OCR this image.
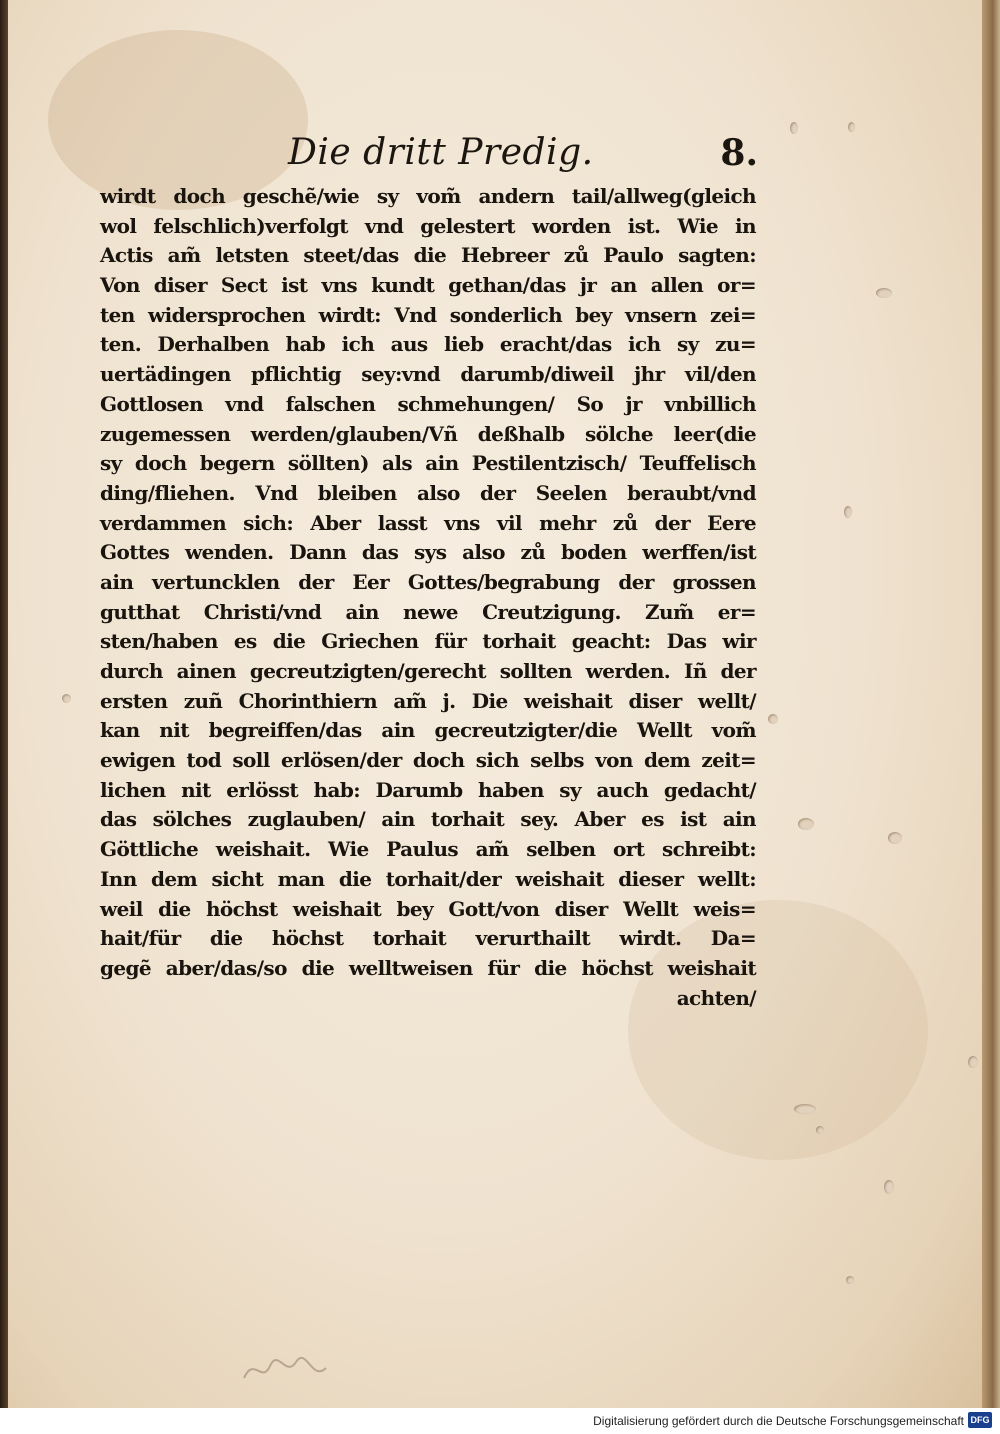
Die dritt Predig.	8.
wirdt doch geschẽ/wie sy vom̃ andern tail/allweg(gleich
wol felschlich)verfolgt vnd gelestert worden ist. Wie in
Actis am̃ letsten steet/das die Hebreer zů Paulo sagten:
Von diser Sect ist vns kundt gethan/das jr an allen or=
ten widersprochen wirdt: Vnd sonderlich bey vnsern zei=
ten. Derhalben hab ich aus lieb eracht/das ich sy zu=
uertädingen pflichtig sey:vnd darumb/diweil jhr vil/den
Gottlosen vnd falschen schmehungen/ So jr vnbillich
zugemessen werden/glauben/Vñ deßhalb sölche leer(die
sy doch begern söllten) als ain Pestilentzisch/ Teuffelisch
ding/fliehen. Vnd bleiben also der Seelen beraubt/vnd
verdammen sich: Aber lasst vns vil mehr zů der Eere
Gottes wenden. Dann das sys also zů boden werffen/ist
ain vertuncklen der Eer Gottes/begrabung der grossen
gutthat Christi/vnd ain newe Creutzigung. Zum̃ er=
sten/haben es die Griechen für torhait geacht: Das wir
durch ainen gecreutzigten/gerecht sollten werden. Iñ der
ersten zuñ Chorinthiern am̃ j. Die weishait diser wellt/
kan nit begreiffen/das ain gecreutzigter/die Wellt vom̃
ewigen tod soll erlösen/der doch sich selbs von dem zeit=
lichen nit erlösst hab: Darumb haben sy auch gedacht/
das sölches zuglauben/ ain torhait sey. Aber es ist ain
Göttliche weishait. Wie Paulus am̃ selben ort schreibt:
Inn dem sicht man die torhait/der weishait dieser wellt:
weil die höchst weishait bey Gott/von diser Wellt weis=
hait/für die höchst torhait verurthailt wirdt. Da=
gegẽ aber/das/so die welltweisen für die höchst weishait
achten/
Digitalisierung gefördert durch die Deutsche Forschungsgemeinschaft DFG
